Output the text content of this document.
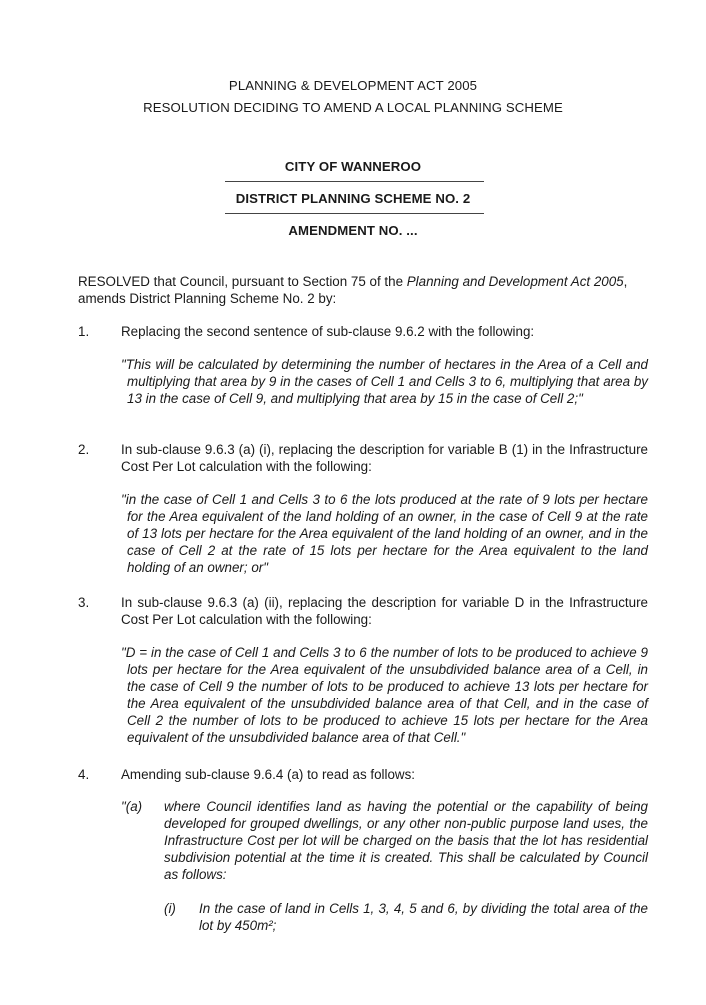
PLANNING & DEVELOPMENT ACT 2005
RESOLUTION DECIDING TO AMEND A LOCAL PLANNING SCHEME
CITY OF WANNEROO
DISTRICT PLANNING SCHEME NO. 2
AMENDMENT NO. ...
RESOLVED that Council, pursuant to Section 75 of the Planning and Development Act 2005, amends District Planning Scheme No. 2 by:
1. Replacing the second sentence of sub-clause 9.6.2 with the following:
"This will be calculated by determining the number of hectares in the Area of a Cell and multiplying that area by 9 in the cases of Cell 1 and Cells 3 to 6, multiplying that area by 13 in the case of Cell 9, and multiplying that area by 15 in the case of Cell 2;"
2. In sub-clause 9.6.3 (a) (i), replacing the description for variable B (1) in the Infrastructure Cost Per Lot calculation with the following:
"in the case of Cell 1 and Cells 3 to 6 the lots produced at the rate of 9 lots per hectare for the Area equivalent of the land holding of an owner, in the case of Cell 9 at the rate of 13 lots per hectare for the Area equivalent of the land holding of an owner, and in the case of Cell 2 at the rate of 15 lots per hectare for the Area equivalent to the land holding of an owner; or"
3. In sub-clause 9.6.3 (a) (ii), replacing the description for variable D in the Infrastructure Cost Per Lot calculation with the following:
"D = in the case of Cell 1 and Cells 3 to 6 the number of lots to be produced to achieve 9 lots per hectare for the Area equivalent of the unsubdivided balance area of a Cell, in the case of Cell 9 the number of lots to be produced to achieve 13 lots per hectare for the Area equivalent of the unsubdivided balance area of that Cell, and in the case of Cell 2 the number of lots to be produced to achieve 15 lots per hectare for the Area equivalent of the unsubdivided balance area of that Cell."
4. Amending sub-clause 9.6.4 (a) to read as follows:
"(a) where Council identifies land as having the potential or the capability of being developed for grouped dwellings, or any other non-public purpose land uses, the Infrastructure Cost per lot will be charged on the basis that the lot has residential subdivision potential at the time it is created. This shall be calculated by Council as follows:
(i) In the case of land in Cells 1, 3, 4, 5 and 6, by dividing the total area of the lot by 450m²;
